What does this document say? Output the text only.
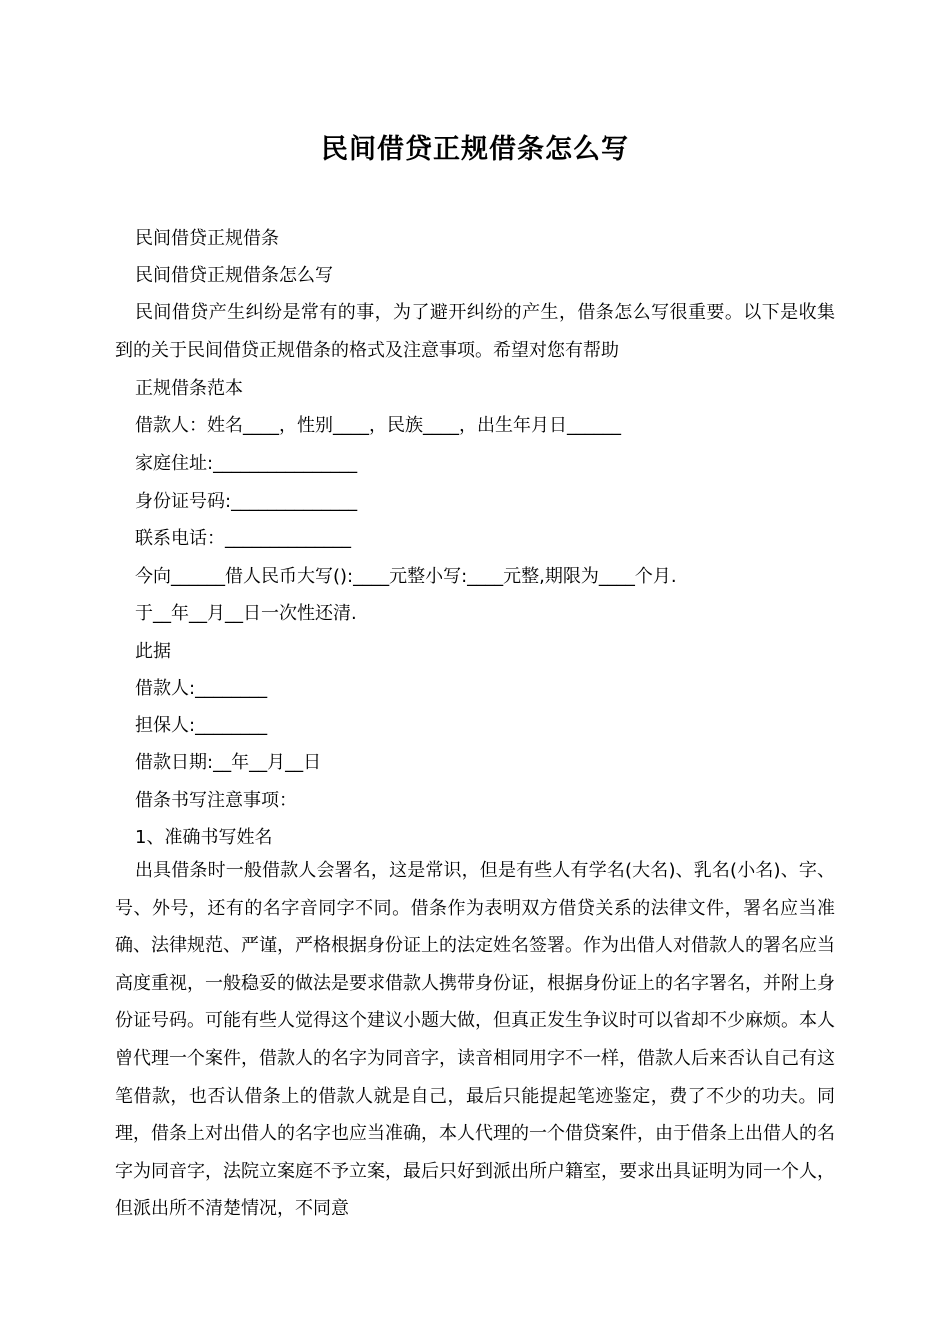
民间借贷正规借条怎么写
民间借贷正规借条
民间借贷正规借条怎么写
民间借贷产生纠纷是常有的事，为了避开纠纷的产生，借条怎么写很重要。以下是收集到的关于民间借贷正规借条的格式及注意事项。希望对您有帮助
正规借条范本
借款人：姓名____，性别____，民族____，出生年月日______
家庭住址:________________
身份证号码:______________
联系电话：______________
今向______借人民币大写():____元整小写:____元整,期限为____个月.
于__年__月__日一次性还清.
此据
借款人:________
担保人:________
借款日期:__年__月__日
借条书写注意事项：
1、准确书写姓名
出具借条时一般借款人会署名，这是常识，但是有些人有学名(大名)、乳名(小名)、字、号、外号，还有的名字音同字不同。借条作为表明双方借贷关系的法律文件，署名应当准确、法律规范、严谨，严格根据身份证上的法定姓名签署。作为出借人对借款人的署名应当高度重视，一般稳妥的做法是要求借款人携带身份证，根据身份证上的名字署名，并附上身份证号码。可能有些人觉得这个建议小题大做，但真正发生争议时可以省却不少麻烦。本人曾代理一个案件，借款人的名字为同音字，读音相同用字不一样，借款人后来否认自己有这笔借款，也否认借条上的借款人就是自己，最后只能提起笔迹鉴定，费了不少的功夫。同理，借条上对出借人的名字也应当准确，本人代理的一个借贷案件，由于借条上出借人的名字为同音字，法院立案庭不予立案，最后只好到派出所户籍室，要求出具证明为同一个人，但派出所不清楚情况，不同意
